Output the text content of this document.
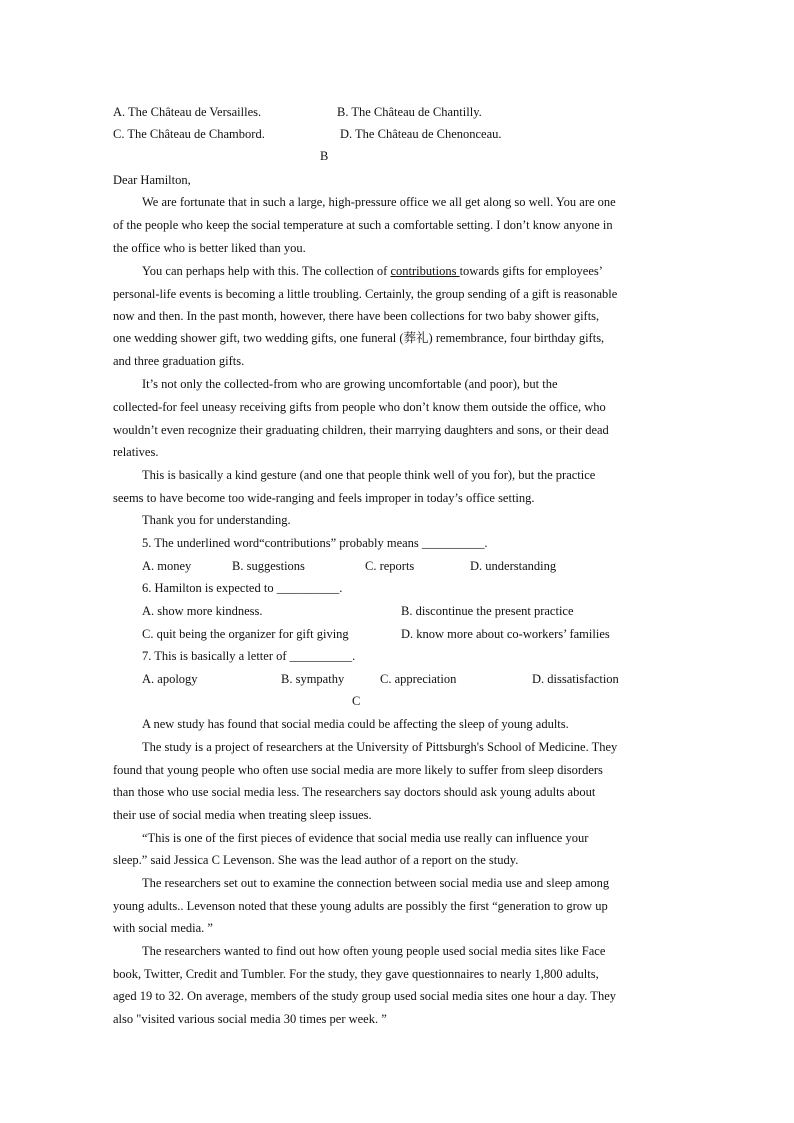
A. The Château de Versailles.	B. The Château de Chantilly.
C. The Château de Chambord.	D. The Château de Chenonceau.
B
Dear Hamilton,
We are fortunate that in such a large, high-pressure office we all get along so well. You are one
of the people who keep the social temperature at such a comfortable setting. I don’t know anyone in
the office who is better liked than you.
You can perhaps help with this. The collection of contributions towards gifts for employees’
personal-life events is becoming a little troubling. Certainly, the group sending of a gift is reasonable
now and then. In the past month, however, there have been collections for two baby shower gifts,
one wedding shower gift, two wedding gifts, one funeral (葬礼) remembrance, four birthday gifts,
and three graduation gifts.
It’s not only the collected-from who are growing uncomfortable (and poor), but the
collected-for feel uneasy receiving gifts from people who don’t know them outside the office, who
wouldn’t even recognize their graduating children, their marrying daughters and sons, or their dead
relatives.
This is basically a kind gesture (and one that people think well of you for), but the practice
seems to have become too wide-ranging and feels improper in today’s office setting.
Thank you for understanding.
5. The underlined word“contributions” probably means __________.
A. money	B. suggestions	C. reports	D. understanding
6. Hamilton is expected to __________.
A. show more kindness.	B. discontinue the present practice
C. quit being the organizer for gift giving	D. know more about co-workers’ families
7. This is basically a letter of __________.
A. apology	B. sympathy	C. appreciation	D. dissatisfaction
C
A new study has found that social media could be affecting the sleep of young adults.
The study is a project of researchers at the University of Pittsburgh's School of Medicine. They
found that young people who often use social media are more likely to suffer from sleep disorders
than those who use social media less. The researchers say doctors should ask young adults about
their use of social media when treating sleep issues.
“This is one of the first pieces of evidence that social media use really can influence your
sleep.” said Jessica C Levenson. She was the lead author of a report on the study.
The researchers set out to examine the connection between social media use and sleep among
young adults.. Levenson noted that these young adults are possibly the first “generation to grow up
with social media. ”
The researchers wanted to find out how often young people used social media sites like Face
book, Twitter, Credit and Tumbler. For the study, they gave questionnaires to nearly 1,800 adults,
aged 19 to 32. On average, members of the study group used social media sites one hour a day. They
also "visited various social media 30 times per week. ”
